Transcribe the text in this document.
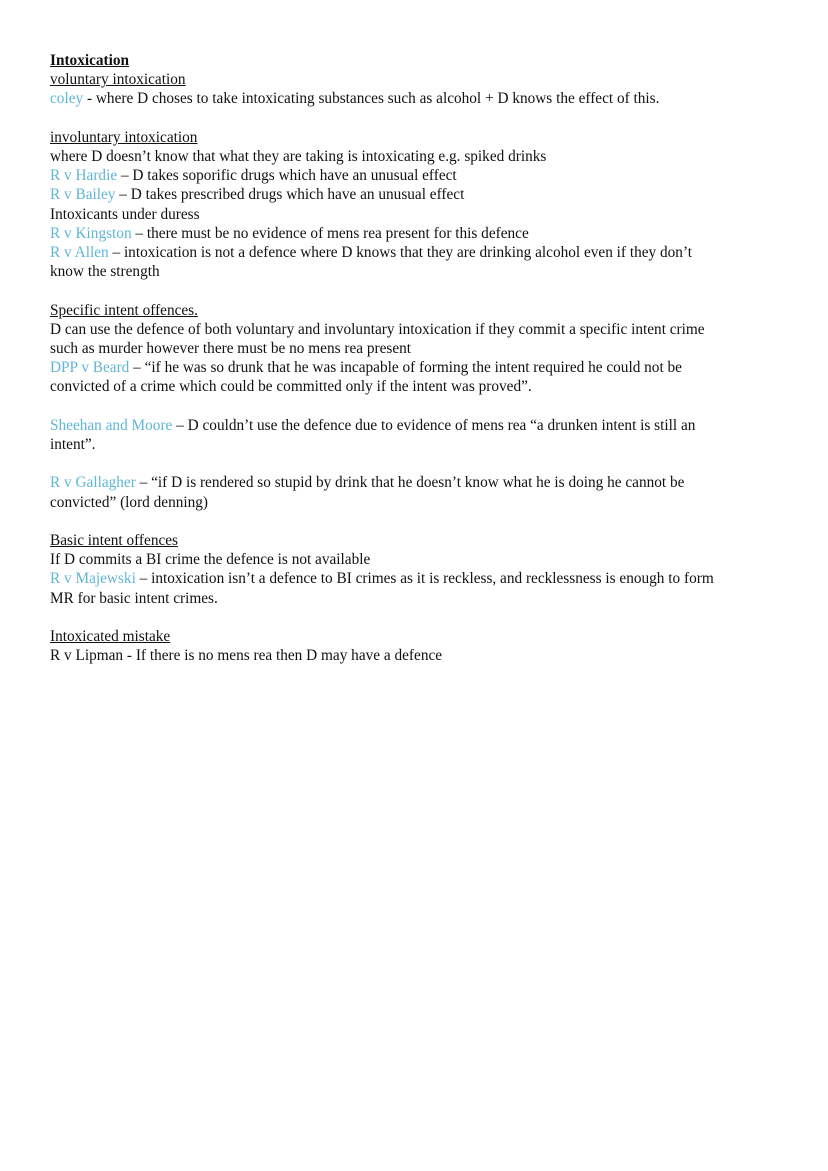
Intoxication
voluntary intoxication
coley - where D choses to take intoxicating substances such as alcohol + D knows the effect of this.
involuntary intoxication
where D doesn’t know that what they are taking is intoxicating e.g. spiked drinks
R v Hardie – D takes soporific drugs which have an unusual effect
R v Bailey – D takes prescribed drugs which have an unusual effect
Intoxicants under duress
R v Kingston – there must be no evidence of mens rea present for this defence
R v Allen – intoxication is not a defence where D knows that they are drinking alcohol even if they don’t
know the strength
Specific intent offences.
D can use the defence of both voluntary and involuntary intoxication if they commit a specific intent crime
such as murder however there must be no mens rea present
DPP v Beard – “if he was so drunk that he was incapable of forming the intent required he could not be
convicted of a crime which could be committed only if the intent was proved”.
Sheehan and Moore – D couldn’t use the defence due to evidence of mens rea “a drunken intent is still an
intent”.
R v Gallagher – “if D is rendered so stupid by drink that he doesn’t know what he is doing he cannot be
convicted” (lord denning)
Basic intent offences
If D commits a BI crime the defence is not available
R v Majewski – intoxication isn’t a defence to BI crimes as it is reckless, and recklessness is enough to form
MR for basic intent crimes.
Intoxicated mistake
R v Lipman - If there is no mens rea then D may have a defence
